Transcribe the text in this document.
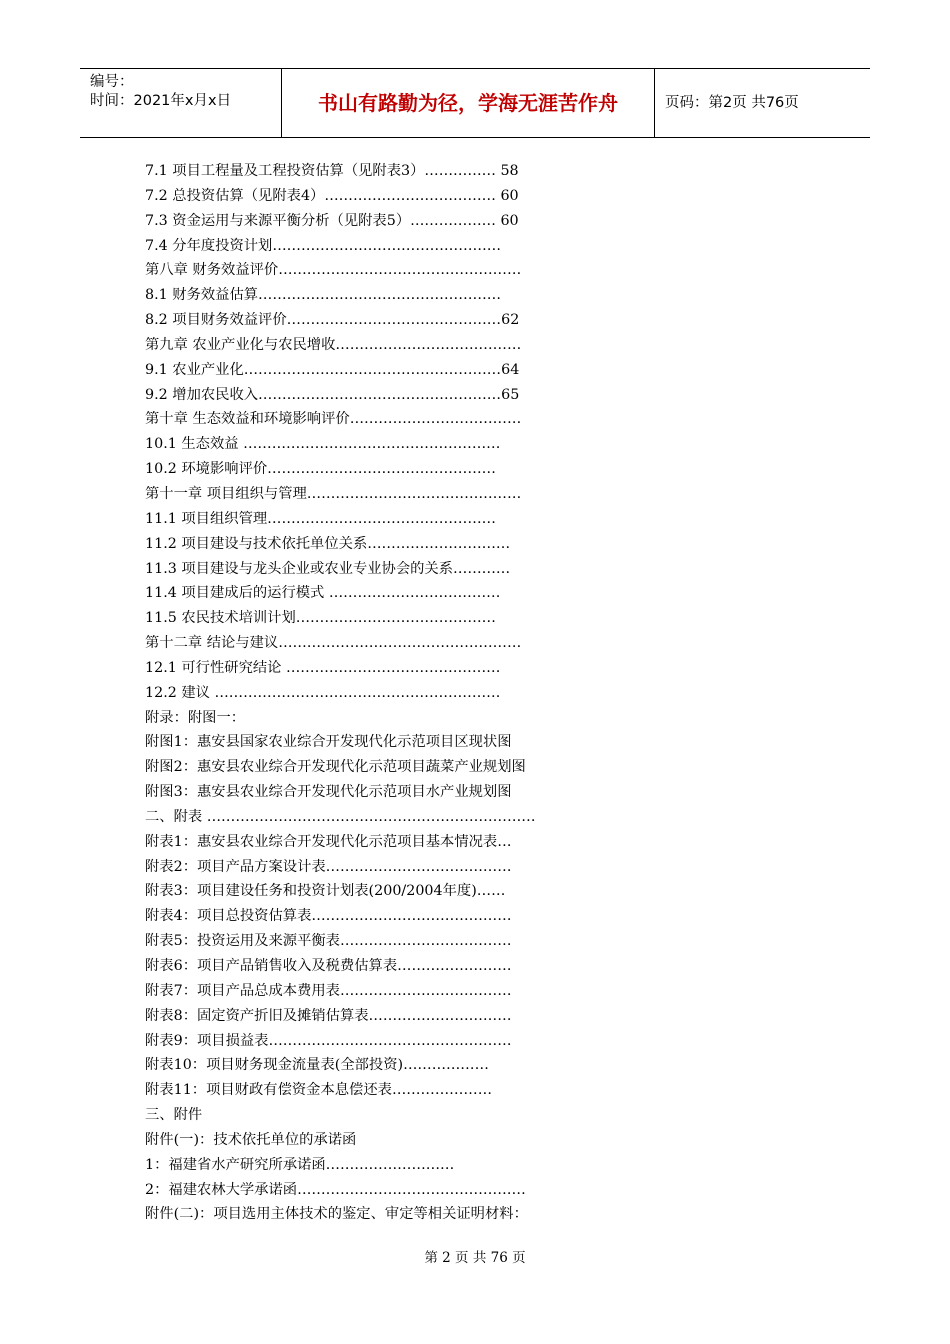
编号：
时间：2021年x月x日	书山有路勤为径，学海无涯苦作舟	页码：第2页 共76页
7.1 项目工程量及工程投资估算（见附表3）…………… 58
7.2 总投资估算（见附表4）……………………………… 60
7.3 资金运用与来源平衡分析（见附表5）……………… 60
7.4 分年度投资计划…………………………………………
第八章 财务效益评价……………………………………………
8.1 财务效益估算……………………………………………
8.2 项目财务效益评价………………………………………62
第九章 农业产业化与农民增收…………………………………
9.1 农业产业化………………………………………………64
9.2 增加农民收入……………………………………………65
第十章 生态效益和环境影响评价………………………………
10.1 生态效益 ………………………………………………
10.2 环境影响评价…………………………………………
第十一章 项目组织与管理………………………………………
11.1 项目组织管理…………………………………………
11.2 项目建设与技术依托单位关系…………………………
11.3 项目建设与龙头企业或农业专业协会的关系…………
11.4 项目建成后的运行模式 ………………………………
11.5 农民技术培训计划……………………………………
第十二章 结论与建议……………………………………………
12.1 可行性研究结论 ………………………………………
12.2 建议 ……………………………………………………
附录：附图一：
附图1：惠安县国家农业综合开发现代化示范项目区现状图
附图2：惠安县农业综合开发现代化示范项目蔬菜产业规划图
附图3：惠安县农业综合开发现代化示范项目水产业规划图
二、附表 ……………………………………………………………
附表1：惠安县农业综合开发现代化示范项目基本情况表…
附表2：项目产品方案设计表…………………………………
附表3：项目建设任务和投资计划表(200/2004年度)……
附表4：项目总投资估算表……………………………………
附表5：投资运用及来源平衡表………………………………
附表6：项目产品销售收入及税费估算表……………………
附表7：项目产品总成本费用表………………………………
附表8：固定资产折旧及摊销估算表…………………………
附表9：项目损益表……………………………………………
附表10：项目财务现金流量表(全部投资)………………
附表11：项目财政有偿资金本息偿还表…………………
三、附件
附件(一)：技术依托单位的承诺函
1：福建省水产研究所承诺函………………………
2：福建农林大学承诺函…………………………………………
附件(二)：项目选用主体技术的鉴定、审定等相关证明材料：
第 2 页 共 76 页
